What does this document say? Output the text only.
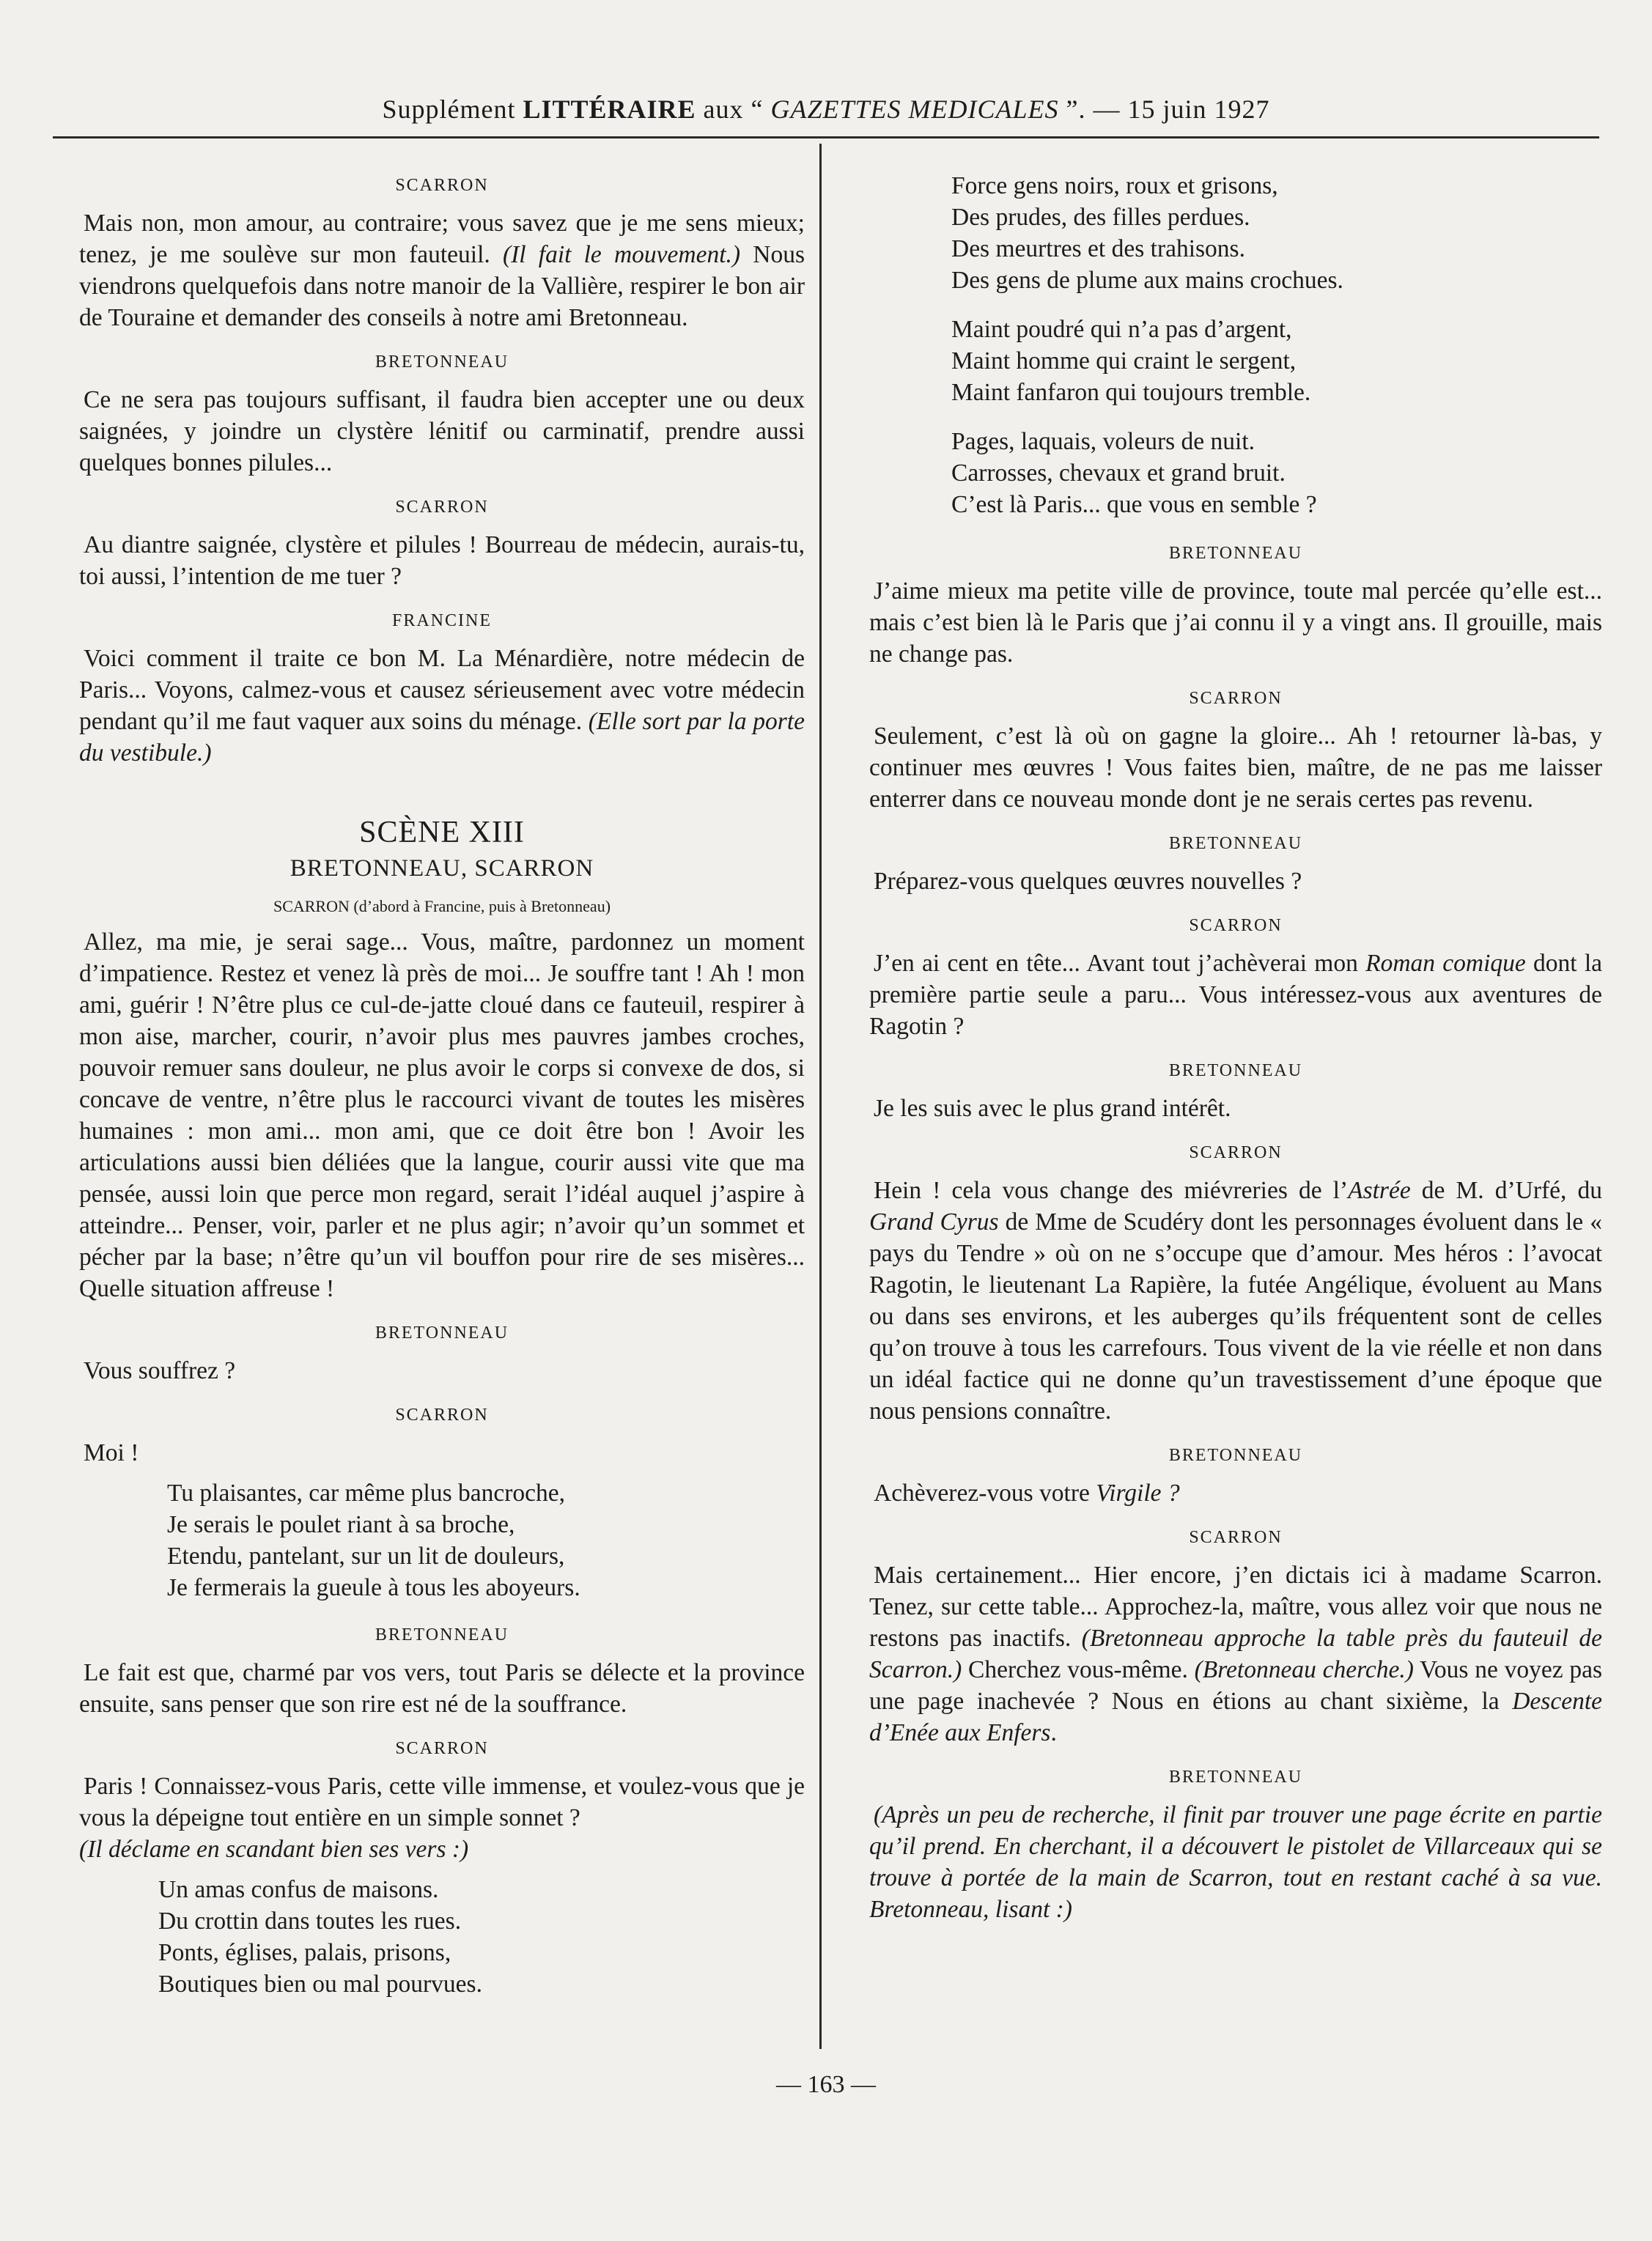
Supplément LITTÉRAIRE aux “ GAZETTES MEDICALES ”. — 15 juin 1927
SCARRON

Mais non, mon amour, au contraire; vous savez que je me sens mieux; tenez, je me soulève sur mon fauteuil. (Il fait le mouvement.) Nous viendrons quelquefois dans notre manoir de la Vallière, respirer le bon air de Touraine et demander des conseils à notre ami Bretonneau.

BRETONNEAU

Ce ne sera pas toujours suffisant, il faudra bien accepter une ou deux saignées, y joindre un clystère lénitif ou carminatif, prendre aussi quelques bonnes pilules...

SCARRON

Au diantre saignée, clystère et pilules ! Bourreau de médecin, aurais-tu, toi aussi, l’intention de me tuer ?

FRANCINE

Voici comment il traite ce bon M. La Ménardière, notre médecin de Paris... Voyons, calmez-vous et causez sérieusement avec votre médecin pendant qu’il me faut vaquer aux soins du ménage. (Elle sort par la porte du vestibule.)

SCÈNE XIII
BRETONNEAU, SCARRON
SCARRON (d’abord à Francine, puis à Bretonneau)

Allez, ma mie, je serai sage... Vous, maître, pardonnez un moment d’impatience. Restez et venez là près de moi... Je souffre tant ! Ah ! mon ami, guérir ! N’être plus ce cul-de-jatte cloué dans ce fauteuil, respirer à mon aise, marcher, courir, n’avoir plus mes pauvres jambes croches, pouvoir remuer sans douleur, ne plus avoir le corps si convexe de dos, si concave de ventre, n’être plus le raccourci vivant de toutes les misères humaines : mon ami... mon ami, que ce doit être bon ! Avoir les articulations aussi bien déliées que la langue, courir aussi vite que ma pensée, aussi loin que perce mon regard, serait l’idéal auquel j’aspire à atteindre... Penser, voir, parler et ne plus agir; n’avoir qu’un sommet et pécher par la base; n’être qu’un vil bouffon pour rire de ses misères... Quelle situation affreuse !

BRETONNEAU

Vous souffrez ?

SCARRON

Moi !

Tu plaisantes, car même plus bancroche,
Je serais le poulet riant à sa broche,
Etendu, pantelant, sur un lit de douleurs,
Je fermerais la gueule à tous les aboyeurs.
BRETONNEAU

Le fait est que, charmé par vos vers, tout Paris se délecte et la province ensuite, sans penser que son rire est né de la souffrance.

SCARRON

Paris ! Connaissez-vous Paris, cette ville immense, et voulez-vous que je vous la dépeigne tout entière en un simple sonnet ?
(Il déclame en scandant bien ses vers :)

Un amas confus de maisons.
Du crottin dans toutes les rues.
Ponts, églises, palais, prisons,
Boutiques bien ou mal pourvues.
Force gens noirs, roux et grisons,
Des prudes, des filles perdues.
Des meurtres et des trahisons.
Des gens de plume aux mains crochues.
Maint poudré qui n’a pas d’argent,
Maint homme qui craint le sergent,
Maint fanfaron qui toujours tremble.
Pages, laquais, voleurs de nuit.
Carrosses, chevaux et grand bruit.
C’est là Paris... que vous en semble ?
BRETONNEAU

J’aime mieux ma petite ville de province, toute mal percée qu’elle est... mais c’est bien là le Paris que j’ai connu il y a vingt ans. Il grouille, mais ne change pas.

SCARRON

Seulement, c’est là où on gagne la gloire... Ah ! retourner là-bas, y continuer mes œuvres ! Vous faites bien, maître, de ne pas me laisser enterrer dans ce nouveau monde dont je ne serais certes pas revenu.

BRETONNEAU

Préparez-vous quelques œuvres nouvelles ?

SCARRON

J’en ai cent en tête... Avant tout j’achèverai mon Roman comique dont la première partie seule a paru... Vous intéressez-vous aux aventures de Ragotin ?

BRETONNEAU

Je les suis avec le plus grand intérêt.

SCARRON

Hein ! cela vous change des miévreries de l’Astrée de M. d’Urfé, du Grand Cyrus de Mme de Scudéry dont les personnages évoluent dans le « pays du Tendre » où on ne s’occupe que d’amour. Mes héros : l’avocat Ragotin, le lieutenant La Rapière, la futée Angélique, évoluent au Mans ou dans ses environs, et les auberges qu’ils fréquentent sont de celles qu’on trouve à tous les carrefours. Tous vivent de la vie réelle et non dans un idéal factice qui ne donne qu’un travestissement d’une époque que nous pensions connaître.

BRETONNEAU

Achèverez-vous votre Virgile ?

SCARRON

Mais certainement... Hier encore, j’en dictais ici à madame Scarron. Tenez, sur cette table... Approchez-la, maître, vous allez voir que nous ne restons pas inactifs. (Bretonneau approche la table près du fauteuil de Scarron.) Cherchez vous-même. (Bretonneau cherche.) Vous ne voyez pas une page inachevée ? Nous en étions au chant sixième, la Descente d’Enée aux Enfers.

BRETONNEAU

(Après un peu de recherche, il finit par trouver une page écrite en partie qu’il prend. En cherchant, il a découvert le pistolet de Villarceaux qui se trouve à portée de la main de Scarron, tout en restant caché à sa vue. Bretonneau, lisant :)

— 163 —
